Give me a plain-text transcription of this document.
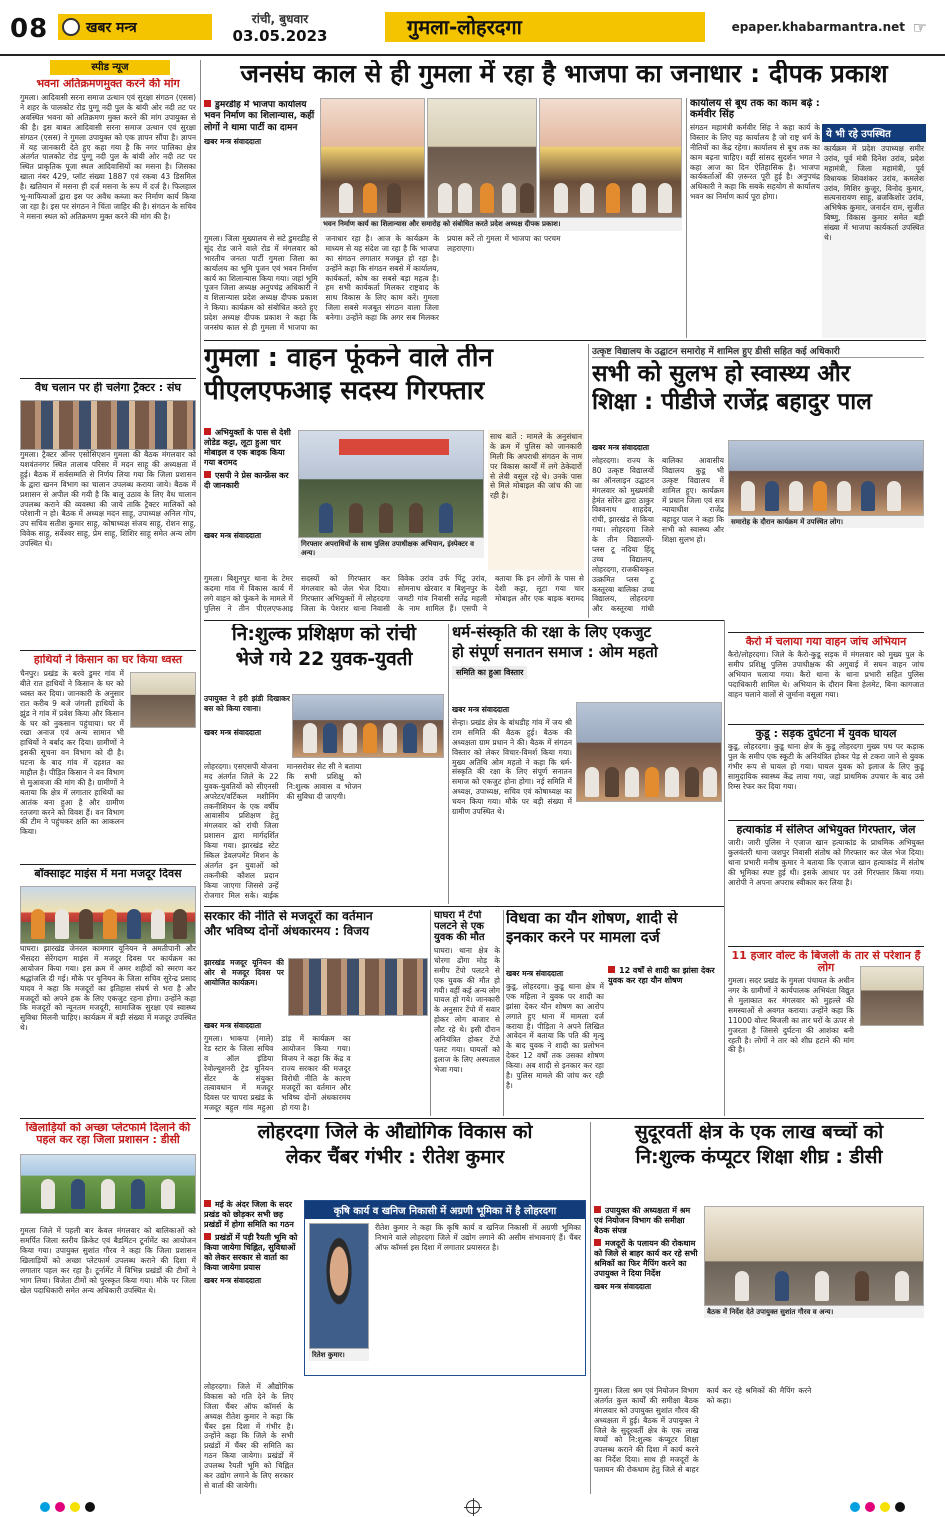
08	खबर मन्त्र
रांची, बुधवार
03.05.2023	गुमला-लोहरदगा	epaper.khabarmantra.net ☞
स्पीड न्यूज
भवना अतिक्रमणमुक्त करने की मांग
गुमला। आदिवासी सरना समाज उत्थान एवं सुरक्षा संगठन (एसस) ने शहर के पालकोट रोड पुग्गू नदी पुल के बांयी ओर नदी तट पर अवस्थित भवना को अतिक्रमण मुक्त करने की मांग उपायुक्त से की है। इस बाबत आदिवासी सरना समाज उत्थान एवं सुरक्षा संगठन (एसस) ने गुमला उपायुक्त को एक ज्ञापन सौंपा है। ज्ञापन में यह जानकारी देते हुए कहा गया है कि नगर पालिका क्षेत्र अंतर्गत पालकोट रोड पुग्गू नदी पुल के बांयी ओर नदी तट पर स्थित प्राकृतिक पूजा स्थल आदिवासियों का मसना है। जिसका खाता नंबर 429, प्लॉट संख्या 1887 एवं रकबा 43 डिसमिल है। खतियान में मसना ही दर्ज मसना के रूप में दर्ज है। फिलहाल भू-माफियाओं द्वारा इस पर अवैध कब्जा कर निर्माण कार्य किया जा रहा है। इस पर संगठन ने चिंता जाहिर की है। संगठन के सचिव ने मसना स्थल को अतिक्रमण मुक्त करने की मांग की है।
वैध चलान पर ही चलेगा ट्रैक्टर : संघ
गुमला। ट्रैक्टर ऑनर एसोसिएशन गुमला की बैठक मंगलवार को यशवंतनगर स्थित तालाब परिसर में मदन साहू की अध्यक्षता में हुई। बैठक में सर्वसम्मति से निर्णय लिया गया कि जिला प्रशासन के द्वारा खनन विभाग का चालान उपलब्ध कराया जाये। बैठक में प्रशासन से अपील की गयी है कि बालू उठाव के लिए वैध चालान उपलब्ध कराने की व्यवस्था की जाये ताकि ट्रैक्टर मालिकों को परेशानी न हो। बैठक में अध्यक्ष मदन साहू, उपाध्यक्ष अनिल गोप, उप सचिव सतीश कुमार साहू, कोषाध्यक्ष संजय साहू, रोशन साहू, विवेक साहू, सर्वेश्वर साहू, प्रेम साहू, शिशिर साहू समेत अन्य लोग उपस्थित थे।
हाथियों ने किसान का घर किया ध्वस्त
चैनपुर। प्रखंड के बरवे डुमर गांव में बीते रात हाथियों ने किसान के घर को ध्वस्त कर दिया। जानकारी के अनुसार रात करीब 9 बजे जंगली हाथियों के झुंड ने गांव में प्रवेश किया और किसान के घर को नुकसान पहुंचाया। घर में रखा अनाज एवं अन्य सामान भी हाथियों ने बर्बाद कर दिया। ग्रामीणों ने इसकी सूचना वन विभाग को दी है। घटना के बाद गांव में दहशत का माहौल है। पीड़ित किसान ने वन विभाग से मुआवजा की मांग की है। ग्रामीणों ने बताया कि क्षेत्र में लगातार हाथियों का आतंक बना हुआ है और ग्रामीण रतजगा करने को विवश हैं। वन विभाग की टीम ने पहुंचकर क्षति का आकलन किया।
बॉक्साइट माइंस में मना मजदूर दिवस
घाघरा। झारखंड जेनरल कामगार यूनियन ने अमतीपानी और भैंसदरा सेरेंगदाग माइंस में मजदूर दिवस पर कार्यक्रम का आयोजन किया गया। इस क्रम में अमर शहीदों को स्मरण कर श्रद्धांजलि दी गई। मौके पर यूनियन के जिला सचिव सुरेन्द्र प्रसाद यादव ने कहा कि मजदूरों का इतिहास संघर्ष से भरा है और मजदूरों को अपने हक के लिए एकजुट रहना होगा। उन्होंने कहा कि मजदूरों को न्यूनतम मजदूरी, सामाजिक सुरक्षा एवं स्वास्थ्य सुविधा मिलनी चाहिए। कार्यक्रम में बड़ी संख्या में मजदूर उपस्थित थे।
खिलाड़ियों को अच्छा प्लेटफार्म दिलाने की पहल कर रहा जिला प्रशासन : डीसी
गुमला जिले में पहली बार केवल मंगलवार को बालिकाओं को समर्पित जिला स्तरीय क्रिकेट एवं बैडमिंटन टूर्नामेंट का आयोजन किया गया। उपायुक्त सुशांत गौरव ने कहा कि जिला प्रशासन खिलाड़ियों को अच्छा प्लेटफार्म उपलब्ध कराने की दिशा में लगातार पहल कर रहा है। टूर्नामेंट में विभिन्न प्रखंडों की टीमों ने भाग लिया। विजेता टीमों को पुरस्कृत किया गया। मौके पर जिला खेल पदाधिकारी समेत अन्य अधिकारी उपस्थित थे।
जनसंघ काल से ही गुमला में रहा है भाजपा का जनाधार : दीपक प्रकाश
डुमरडीह में भाजपा कार्यालय भवन निर्माण का शिलान्यास, कहीं लोगों ने थामा पार्टी का दामन
खबर मन्त्र संवाददाता
भवन निर्माण कार्य का शिलान्यास और समारोह को संबोधित करते प्रदेश अध्यक्ष दीपक प्रकाश।
गुमला। जिला मुख्यालय से सटे डुमरडीह से सूंद रोड जाने वाले रोड में मंगलवार को भारतीय जनता पार्टी गुमला जिला का कार्यालय का भूमि पूजन एवं भवन निर्माण कार्य का शिलान्यास किया गया। जहां भूमि पूजन जिला अध्यक्ष अनुपचंद्र अधिकारी ने व शिलान्यास प्रदेश अध्यक्ष दीपक प्रकाश ने किया। कार्यक्रम को संबोधित करते हुए प्रदेश अध्यक्ष दीपक प्रकाश ने कहा कि जनसंघ काल से ही गुमला में भाजपा का जनाधार रहा है। आज के कार्यक्रम के माध्यम से यह संदेश जा रहा है कि भाजपा का संगठन लगातार मजबूत हो रहा है। उन्होंने कहा कि संगठन सबसे में कार्यालय, कार्यकर्ता, कोष का सबसे बड़ा महत्व है। हम सभी कार्यकर्ता मिलकर राष्ट्रवाद के साथ विकास के लिए काम करें। गुमला जिला सबसे मजबूत संगठन वाला जिला बनेगा। उन्होंने कहा कि अगर सब मिलकर प्रयास करें तो गुमला में भाजपा का परचम लहराएगा।
कार्यालय से बूथ तक का काम बढ़े : कर्मवीर सिंह
संगठन महामंत्री कर्मवीर सिंह ने कहा कार्य के विस्तार के लिए यह कार्यालय है जो राष्ट्र धर्म के नीतियों का केंद्र रहेगा। कार्यालय से बूथ तक का काम बढ़ना चाहिए। वहीं सांसद सुदर्शन भगत ने कहा आज का दिन ऐतिहासिक है। भाजपा कार्यकर्ताओं की ज़रूरत पूरी हुई है। अनुपचंद्र अधिकारी ने कहा कि सबके सहयोग से कार्यालय भवन का निर्माण कार्य पूरा होगा।
ये भी रहे उपस्थित
कार्यक्रम में प्रदेश उपाध्यक्ष समीर उरांव, पूर्व मंत्री दिनेश उरांव, प्रदेश महामंत्री, जिला महामंत्री, पूर्व विधायक शिवशंकर उरांव, कमलेश उरांव, मिशिर कुजूर, विनोद कुमार, सत्यनारायण साहू, ब्रजकिशोर उरांव, अभिषेक कुमार, जनार्दन राम, सुजीत बिष्णु, विकास कुमार समेत बड़ी संख्या में भाजपा कार्यकर्ता उपस्थित थे।
गुमला : वाहन फूंकने वाले तीन
पीएलएफआइ सदस्य गिरफ्तार
अभियुक्तों के पास से देशी लोडेड कट्टा, लूटा हुआ चार मोबाइल व एक बाइक किया गया बरामद
एसपी ने प्रेस कान्फ्रेंस कर दी जानकारी
गिरफ्तार अपराधियों के साथ पुलिस उपाधीक्षक अभियान, इंस्पेक्टर व अन्य।
साथ बातें : मामले के अनुसंधान के क्रम में पुलिस को जानकारी मिली कि अपराधी संगठन के नाम पर विकास कार्यों में लगे ठेकेदारों से लेवी वसूल रहे थे। उनके पास से मिले मोबाइल की जांच की जा रही है।
खबर मन्त्र संवाददाता
गुमला। बिशुनपुर थाना के टेमर कदमा गांव में विकास कार्य में लगे वाहन को फूंकने के मामले में पुलिस ने तीन पीएलएफआइ सदस्यों को गिरफ्तार कर मंगलवार को जेल भेज दिया। गिरफ्तार अभियुक्तों में लोहरदगा जिला के पेशरार थाना निवासी विवेक उरांव उर्फ पिंटू उरांव, सोमनाथ खेरवार व बिशुनपुर के जमटी गांव निवासी सतेंद्र महली के नाम शामिल हैं। एसपी ने बताया कि इन लोगों के पास से देशी कट्टा, लूटा गया चार मोबाइल और एक बाइक बरामद
उत्कृष्ट विद्यालय के उद्घाटन समारोह में शामिल हुए डीसी सहित कई अधिकारी
सभी को सुलभ हो स्वास्थ्य और
शिक्षा : पीडीजे राजेंद्र बहादुर पाल
खबर मन्त्र संवाददाता
लोहरदगा। राज्य के 80 उत्कृष्ट विद्यालयों का ऑनलाइन उद्घाटन मंगलवार को मुख्यमंत्री हेमंत सोरेन द्वारा ठाकुर विश्वनाथ शाहदेव, रांची, झारखंड से किया गया। लोहरदगा जिले के तीन विद्यालयों- प्लस टू नदिया हिंदू उच्च विद्यालय, लोहरदगा, राजकीयकृत उत्क्रमित प्लस टू कस्तूरबा बालिका उच्च विद्यालय, लोहरदगा और कस्तूरबा गांधी बालिका आवासीय विद्यालय कुडू भी उत्कृष्ट विद्यालय में शामिल हुए। कार्यक्रम में प्रधान जिला एवं सत्र न्यायाधीश राजेंद्र बहादुर पाल ने कहा कि सभी को स्वास्थ्य और शिक्षा सुलभ हो।
समारोह के दौरान कार्यक्रम में उपस्थित लोग।
कैरो में चलाया गया वाहन जांच अभियान
कैरो/लोहरदगा। जिले के कैरो-कुडू सड़क में मंगलवार को मुख्य पुल के समीप प्रशिक्षु पुलिस उपाधीक्षक की अगुवाई में सघन वाहन जांच अभियान चलाया गया। कैरो थाना के थाना प्रभारी सहित पुलिस पदाधिकारी शामिल थे। अभियान के दौरान बिना हेलमेट, बिना कागजात वाहन चलाने वालों से जुर्माना वसूला गया।
कुडू : सड़क दुर्घटना में युवक घायल
कुडू, लोहरदगा। कुडू थाना क्षेत्र के कुडू लोहरदगा मुख्य पथ पर कड़ाक पुल के समीप एक स्कूटी के अनियंत्रित होकर पेड़ से टकरा जाने से युवक गंभीर रूप से घायल हो गया। घायल युवक को इलाज के लिए कुडू सामुदायिक स्वास्थ्य केंद्र लाया गया, जहां प्राथमिक उपचार के बाद उसे रिम्स रेफर कर दिया गया।
हत्याकांड में संलिप्त अभियुक्त गिरफ्तार, जेल
जारी। जारी पुलिस ने एजाज खान हत्याकांड के प्राथमिक अभियुक्त कुलवंतरी थाना जशपुर निवासी संतोष को गिरफ्तार कर जेल भेज दिया। थाना प्रभारी मनीष कुमार ने बताया कि एजाज खान हत्याकांड में संतोष की भूमिका स्पष्ट हुई थी। इसके आधार पर उसे गिरफ्तार किया गया। आरोपी ने अपना अपराध स्वीकार कर लिया है।
11 हजार वोल्ट के बिजली के तार से परेशान हैं लोग
गुमला। सदर प्रखंड के गुमला पंचायत के अधीन नगर के ग्रामीणों ने कार्यपालक अभियंता विद्युत से मुलाकात कर मंगलवार को मुहल्ले की समस्याओं से अवगत कराया। उन्होंने कहा कि 11000 वोल्ट बिजली का तार घरों के ऊपर से गुजरता है जिससे दुर्घटना की आशंका बनी रहती है। लोगों ने तार को शीघ्र हटाने की मांग की है।
नि:शुल्क प्रशिक्षण को रांची
भेजे गये 22 युवक-युवती
उपायुक्त ने हरी झंडी दिखाकर बस को किया रवाना।
खबर मन्त्र संवाददाता
लोहरदगा। एसएसपी योजना मद अंतर्गत जिले के 22 युवक-युवतियों को सीएनसी अपरेटर/वर्टिकल मशीनिंग तकनीशियन के एक वर्षीय आवासीय प्रशिक्षण हेतु मंगलवार को रांची जिला प्रशासन द्वारा मार्गदर्शित किया गया। झारखंड स्टेट स्किल डेवलपमेंट मिशन के अंतर्गत इन युवाओं को तकनीकी कौशल प्रदान किया जाएगा जिससे उन्हें रोजगार मिल सके। बाईक मानसरोवर सेट सी ने बताया कि सभी प्रशिक्षु को नि:शुल्क आवास व भोजन की सुविधा दी जाएगी।
धर्म-संस्कृति की रक्षा के लिए एकजुट
हो संपूर्ण सनातन समाज : ओम महतो
समिति का हुआ विस्तार
खबर मन्त्र संवाददाता
सेन्हा। प्रखंड क्षेत्र के बांधडीह गांव में जय श्री राम समिति की बैठक हुई। बैठक की अध्यक्षता ग्राम प्रधान ने की। बैठक में संगठन विस्तार को लेकर विचार-विमर्श किया गया। मुख्य अतिथि ओम महतो ने कहा कि धर्म-संस्कृति की रक्षा के लिए संपूर्ण सनातन समाज को एकजुट होना होगा। नई समिति में अध्यक्ष, उपाध्यक्ष, सचिव एवं कोषाध्यक्ष का चयन किया गया। मौके पर बड़ी संख्या में ग्रामीण उपस्थित थे।
सरकार की नीति से मजदूरों का वर्तमान
और भविष्य दोनों अंधकारमय : विजय
झारखंड मजदूर यूनियन की ओर से मजदूर दिवस पर आयोजित कार्यक्रम।
खबर मन्त्र संवाददाता
गुमला। भाकपा (माले) रेड स्टार के जिला सचिव व ऑल इंडिया रेवोल्यूशनरी ट्रेड यूनियन सेंटर के संयुक्त तत्वावधान में मजदूर दिवस पर चापरा प्रखंड के मजदूर बहुल गांव महुआ डांड़ में कार्यक्रम का आयोजन किया गया। विजय ने कहा कि केंद्र व राज्य सरकार की मजदूर विरोधी नीति के कारण मजदूरों का वर्तमान और भविष्य दोनों अंधकारमय हो गया है।
घाघरा में टेंपो पलटने से एक युवक की मौत
घाघरा। थाना क्षेत्र के चोरगा ढोंगा मोड़ के समीप टेंपो पलटने से एक युवक की मौत हो गयी। वहीं कई अन्य लोग घायल हो गये। जानकारी के अनुसार टेंपो में सवार होकर लोग बाजार से लौट रहे थे। इसी दौरान अनियंत्रित होकर टेंपो पलट गया। घायलों को इलाज के लिए अस्पताल भेजा गया।
विधवा का यौन शोषण, शादी से
इनकार करने पर मामला दर्ज
खबर मन्त्र संवाददाता
कुडू, लोहरदगा। कुडू थाना क्षेत्र में एक महिला ने युवक पर शादी का झांसा देकर यौन शोषण का आरोप लगाते हुए थाना में मामला दर्ज कराया है। पीड़िता ने अपने लिखित आवेदन में बताया कि पति की मृत्यु के बाद युवक ने शादी का प्रलोभन देकर 12 वर्षों तक उसका शोषण किया। अब शादी से इनकार कर रहा है। पुलिस मामले की जांच कर रही है।
12 वर्षों से शादी का झांसा देकर युवक कर रहा यौन शोषण
लोहरदगा जिले के औद्योगिक विकास को
लेकर चैंबर गंभीर : रीतेश कुमार
मई के अंदर जिला के सदर प्रखंड को छोड़कर सभी छह प्रखंडों में होगा समिति का गठन
प्रखंडों में पड़ी रैयती भूमि को किया जायेगा चिह्नित, सुविधाओं को लेकर सरकार से वार्ता का किया जायेगा प्रयास
खबर मन्त्र संवाददाता
कृषि कार्य व खनिज निकासी में अग्रणी भूमिका में है लोहरदगा
रितेश कुमार।
रीतेश कुमार ने कहा कि कृषि कार्य व खनिज निकासी में अग्रणी भूमिका निभाने वाले लोहरदगा जिले में उद्योग लगाने की असीम संभावनाएं हैं। चैंबर ऑफ कॉमर्स इस दिशा में लगातार प्रयासरत है।
लोहरदगा। जिले में औद्योगिक विकास को गति देने के लिए जिला चैंबर ऑफ कॉमर्स के अध्यक्ष रीतेश कुमार ने कहा कि चैंबर इस दिशा में गंभीर है। उन्होंने कहा कि जिले के सभी प्रखंडों में चैंबर की समिति का गठन किया जायेगा। प्रखंडों में उपलब्ध रैयती भूमि को चिह्नित कर उद्योग लगाने के लिए सरकार से वार्ता की जायेगी।
सुदूरवर्ती क्षेत्र के एक लाख बच्चों को
नि:शुल्क कंप्यूटर शिक्षा शीघ्र : डीसी
उपायुक्त की अध्यक्षता में श्रम एवं नियोजन विभाग की समीक्षा बैठक संपन्न
मजदूरों के पलायन की रोकथाम को जिले से बाहर कार्य कर रहे सभी श्रमिकों का फिर मैपिंग करने का उपायुक्त ने दिया निर्देश
खबर मन्त्र संवाददाता
बैठक में निर्देश देते उपायुक्त सुशांत गौरव व अन्य।
गुमला। जिला श्रम एवं नियोजन विभाग अंतर्गत कुल कार्यों की समीक्षा बैठक मंगलवार को उपायुक्त सुशांत गौरव की अध्यक्षता में हुई। बैठक में उपायुक्त ने जिले के सुदूरवर्ती क्षेत्र के एक लाख बच्चों को नि:शुल्क कंप्यूटर शिक्षा उपलब्ध कराने की दिशा में कार्य करने का निर्देश दिया। साथ ही मजदूरों के पलायन की रोकथाम हेतु जिले से बाहर कार्य कर रहे श्रमिकों की मैपिंग करने को कहा।
